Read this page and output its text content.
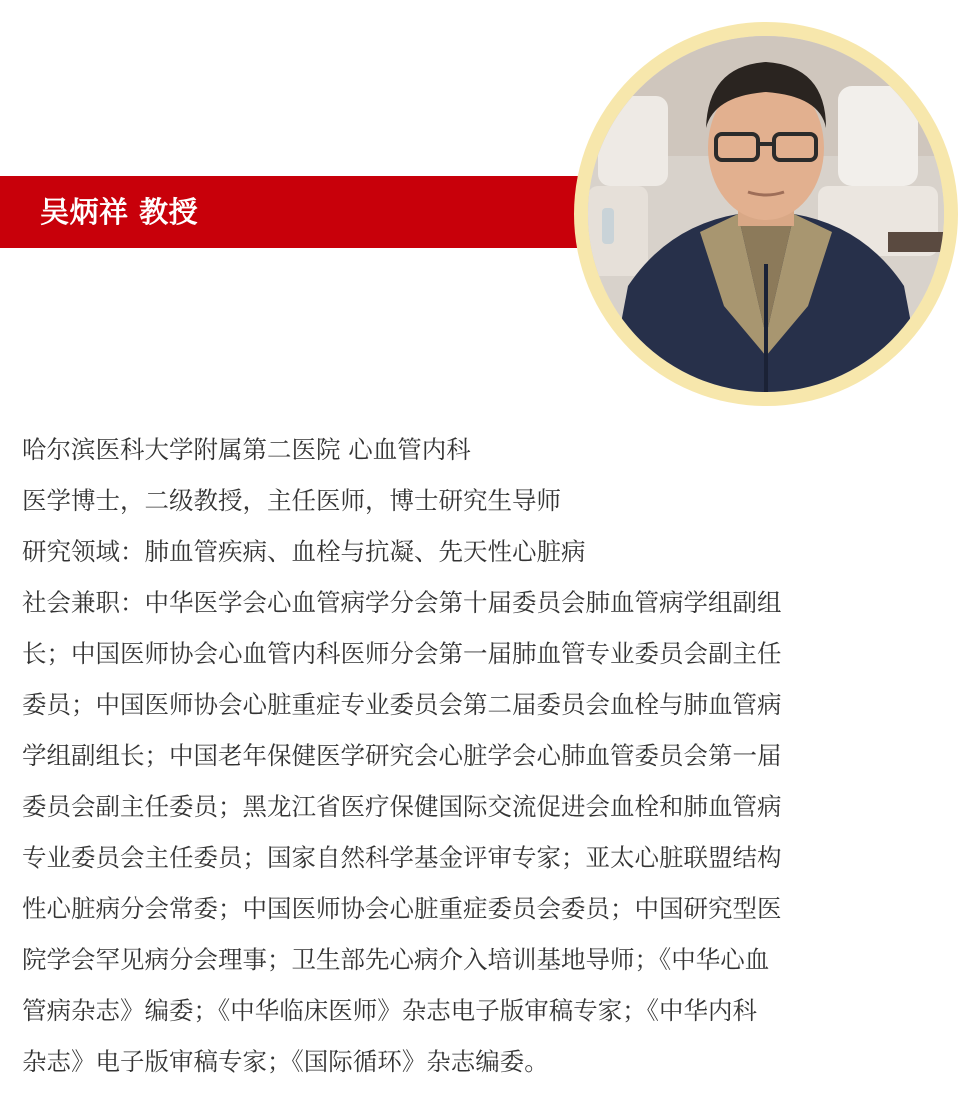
吴炳祥 教授

哈尔滨医科大学附属第二医院 心血管内科

医学博士，二级教授，主任医师，博士研究生导师

研究领域：肺血管疾病、血栓与抗凝、先天性心脏病

社会兼职：中华医学会心血管病学分会第十届委员会肺血管病学组副组

长；中国医师协会心血管内科医师分会第一届肺血管专业委员会副主任

委员；中国医师协会心脏重症专业委员会第二届委员会血栓与肺血管病

学组副组长；中国老年保健医学研究会心脏学会心肺血管委员会第一届

委员会副主任委员；黑龙江省医疗保健国际交流促进会血栓和肺血管病

专业委员会主任委员；国家自然科学基金评审专家；亚太心脏联盟结构

性心脏病分会常委；中国医师协会心脏重症委员会委员；中国研究型医

院学会罕见病分会理事；卫生部先心病介入培训基地导师；《中华心血

管病杂志》编委；《中华临床医师》杂志电子版审稿专家；《中华内科

杂志》电子版审稿专家；《国际循环》杂志编委。
